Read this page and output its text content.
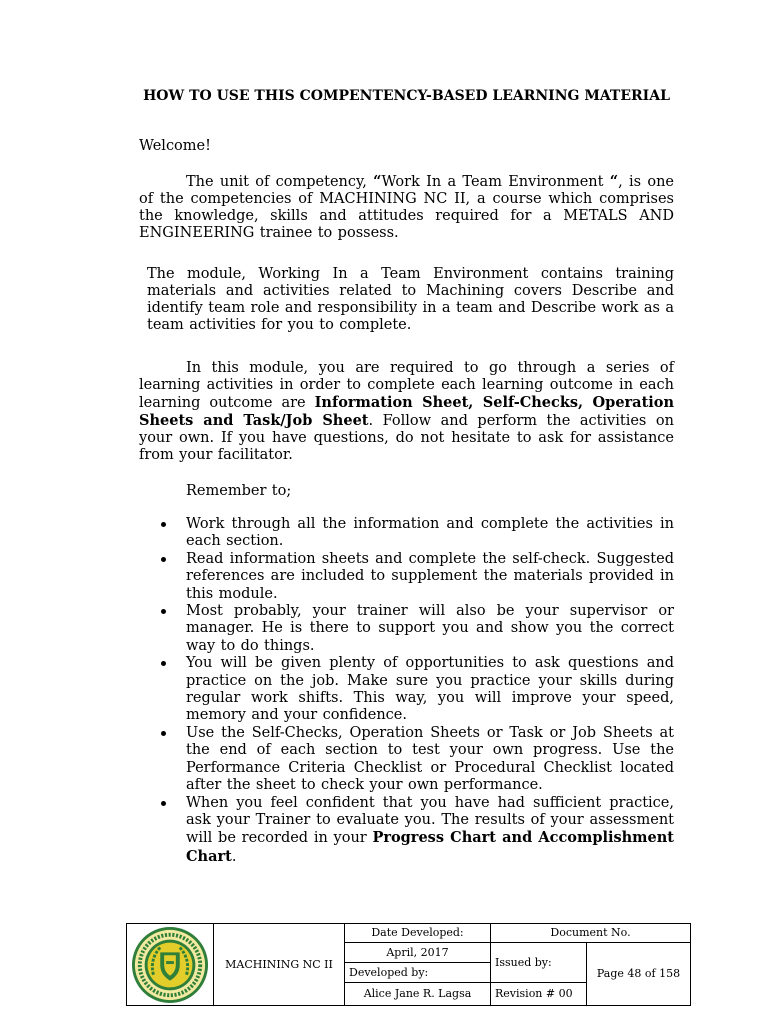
HOW TO USE THIS COMPENTENCY-BASED LEARNING MATERIAL

Welcome!

The unit of competency, “Work In a Team Environment “, is one of the competencies of MACHINING NC II, a course which comprises the knowledge, skills and attitudes required for a METALS AND ENGINEERING trainee to possess.

The module, Working In a Team Environment contains training materials and activities related to Machining covers Describe and identify team role and responsibility in a team and Describe work as a team activities for you to complete.

In this module, you are required to go through a series of learning activities in order to complete each learning outcome in each learning outcome are Information Sheet, Self-Checks, Operation Sheets and Task/Job Sheet. Follow and perform the activities on your own. If you have questions, do not hesitate to ask for assistance from your facilitator.

Remember to;

Work through all the information and complete the activities in each section.
Read information sheets and complete the self-check. Suggested references are included to supplement the materials provided in this module.
Most probably, your trainer will also be your supervisor or manager. He is there to support you and show you the correct way to do things.
You will be given plenty of opportunities to ask questions and practice on the job. Make sure you practice your skills during regular work shifts. This way, you will improve your speed, memory and your confidence.
Use the Self-Checks, Operation Sheets or Task or Job Sheets at the end of each section to test your own progress. Use the Performance Criteria Checklist or Procedural Checklist located after the sheet to check your own performance.
When you feel confident that you have had sufficient practice, ask your Trainer to evaluate you. The results of your assessment will be recorded in your Progress Chart and Accomplishment Chart.
	MACHINING NC II	Date Developed:	Document No.	
		April, 2017	Issued by:	Page 48 of 158
		Developed by:		
		Alice Jane R. Lagsa	Revision # 00	
